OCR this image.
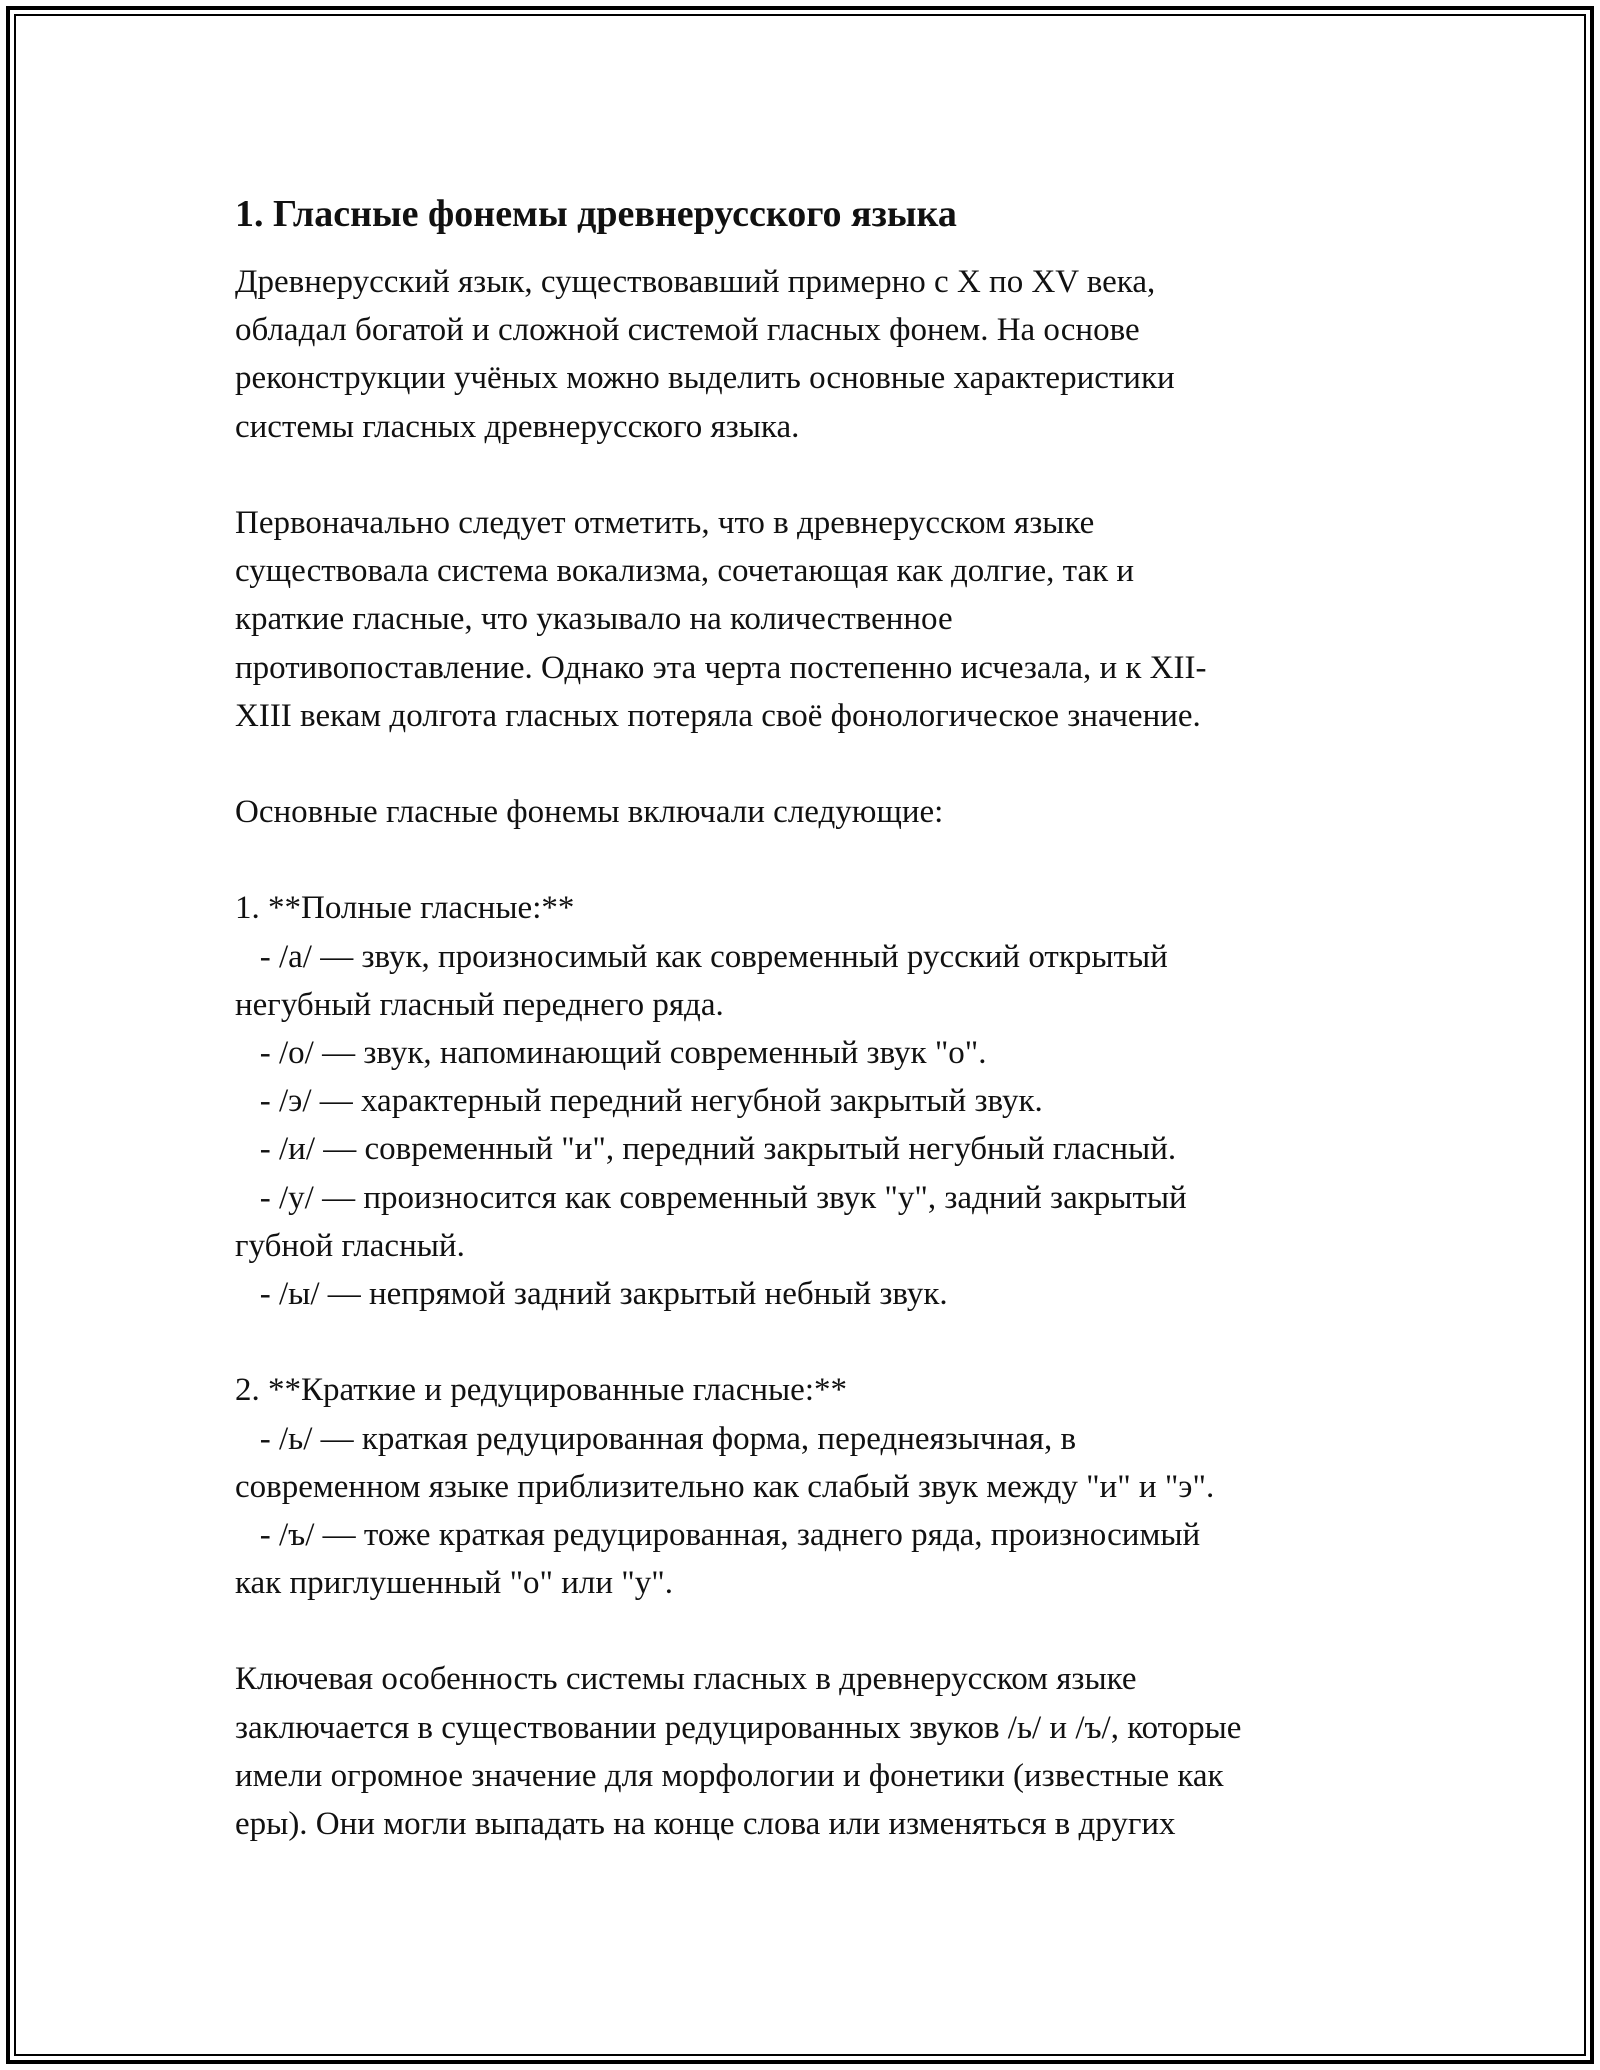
1. Гласные фонемы древнерусского языка
Древнерусский язык, существовавший примерно с X по XV века,
обладал богатой и сложной системой гласных фонем. На основе
реконструкции учёных можно выделить основные характеристики
системы гласных древнерусского языка.
Первоначально следует отметить, что в древнерусском языке
существовала система вокализма, сочетающая как долгие, так и
краткие гласные, что указывало на количественное
противопоставление. Однако эта черта постепенно исчезала, и к XII-
XIII векам долгота гласных потеряла своё фонологическое значение.
Основные гласные фонемы включали следующие:
1. **Полные гласные:**
- /а/ — звук, произносимый как современный русский открытый
негубный гласный переднего ряда.
- /о/ — звук, напоминающий современный звук "о".
- /э/ — характерный передний негубной закрытый звук.
- /и/ — современный "и", передний закрытый негубный гласный.
- /у/ — произносится как современный звук "у", задний закрытый
губной гласный.
- /ы/ — непрямой задний закрытый небный звук.
2. **Краткие и редуцированные гласные:**
- /ь/ — краткая редуцированная форма, переднеязычная, в
современном языке приблизительно как слабый звук между "и" и "э".
- /ъ/ — тоже краткая редуцированная, заднего ряда, произносимый
как приглушенный "о" или "у".
Ключевая особенность системы гласных в древнерусском языке
заключается в существовании редуцированных звуков /ь/ и /ъ/, которые
имели огромное значение для морфологии и фонетики (известные как
еры). Они могли выпадать на конце слова или изменяться в других
